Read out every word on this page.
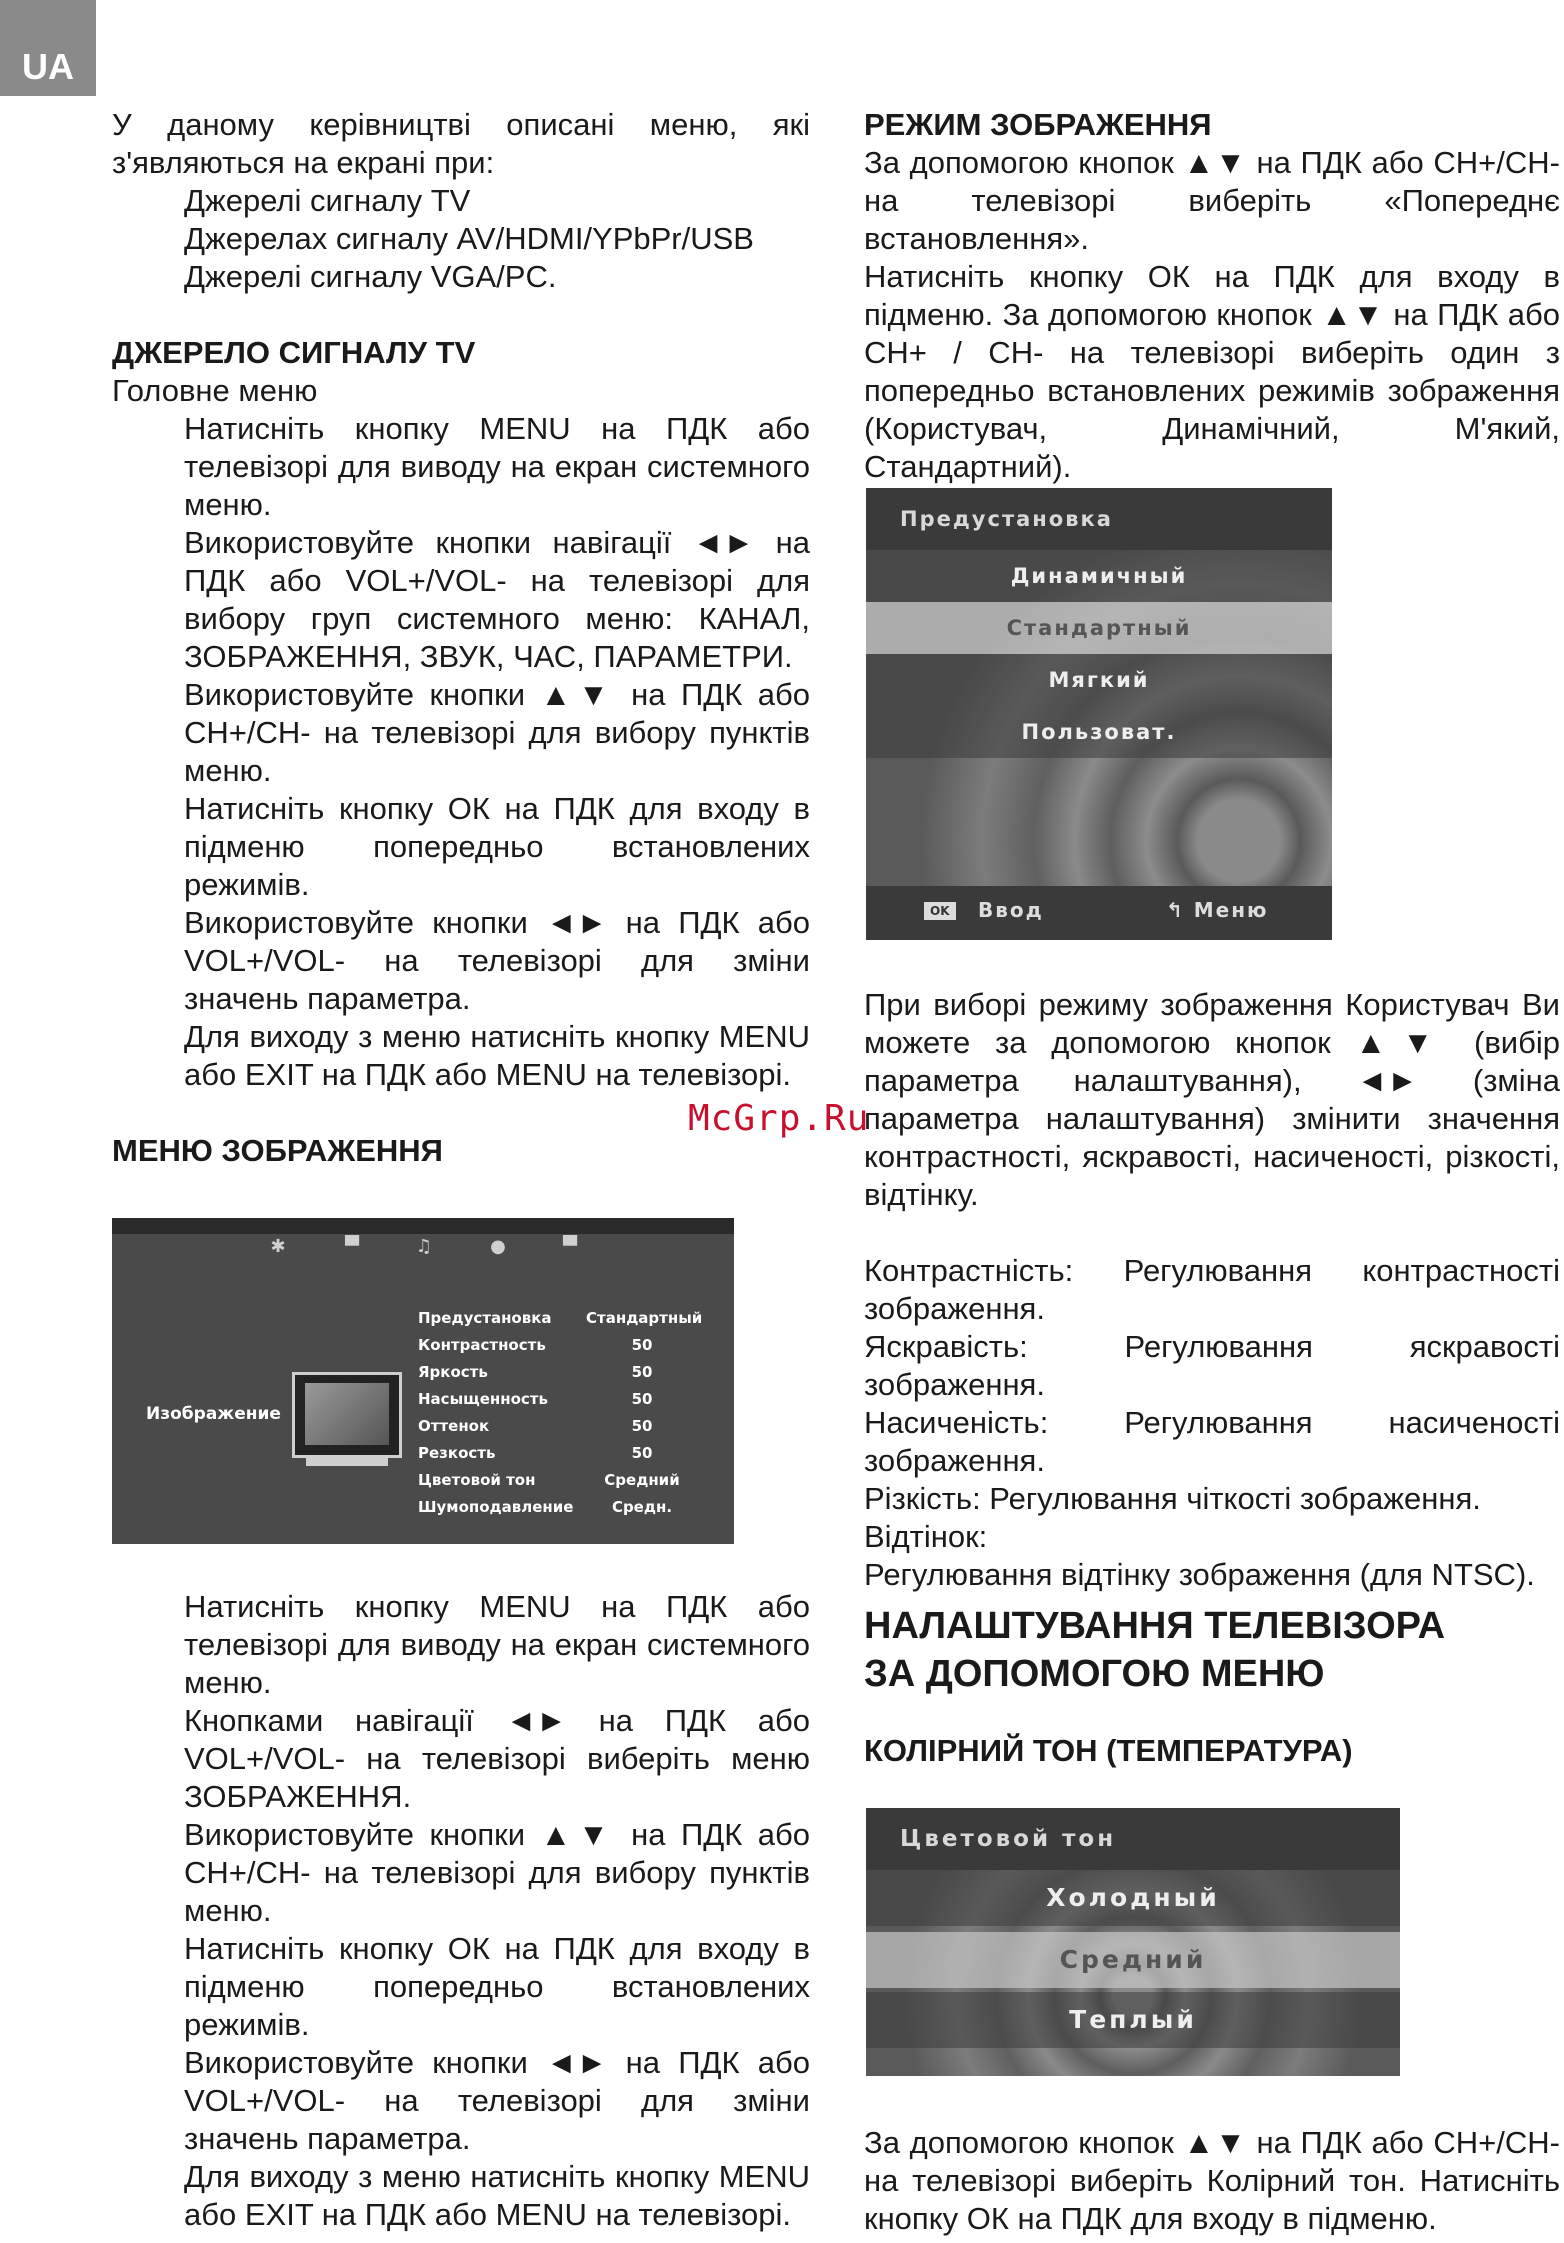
UA

У даному керівництві описані меню, які з'являються на екрані при:

Джерелі сигналу TV
Джерелах сигналу AV/HDMI/YPbPr/USB
Джерелі сигналу VGA/PC.

ДЖЕРЕЛО СИГНАЛУ TV

Головне меню

Натисніть кнопку MENU на ПДК або телевізорі для виводу на екран системного меню.

Використовуйте кнопки навігації ◄► на ПДК або VOL+/VOL- на телевізорі для вибору груп системного меню: КАНАЛ, ЗОБРАЖЕННЯ, ЗВУК, ЧАС, ПАРАМЕТРИ.

Використовуйте кнопки ▲▼ на ПДК або CH+/CH- на телевізорі для вибору пунктів меню.

Натисніть кнопку ОК на ПДК для входу в підменю попередньо встановлених режимів.

Використовуйте кнопки ◄► на ПДК або VOL+/VOL- на телевізорі для зміни значень параметра.

Для виходу з меню натисніть кнопку MENU або EXIT на ПДК або MENU на телевізорі.

МЕНЮ ЗОБРАЖЕННЯ

Натисніть кнопку MENU на ПДК або телевізорі для виводу на екран системного меню.

Кнопками навігації ◄► на ПДК або VOL+/VOL- на телевізорі виберіть меню ЗОБРАЖЕННЯ.

Використовуйте кнопки ▲▼ на ПДК або CH+/CH- на телевізорі для вибору пунктів меню.

Натисніть кнопку ОК на ПДК для входу в підменю попередньо встановлених режимів.

Використовуйте кнопки ◄► на ПДК або VOL+/VOL- на телевізорі для зміни значень параметра.

Для виходу з меню натисніть кнопку MENU або EXIT на ПДК або MENU на телевізорі.

✱	▀	♫	●	▀
Изображение
Предустановка	Стандартный
Контрастность	50
Яркость	50
Насыщенность	50
Оттенок	50
Резкость	50
Цветовой тон	Средний
Шумоподавление	Средн.

РЕЖИМ ЗОБРАЖЕННЯ

За допомогою кнопок ▲▼ на ПДК або CH+/CH- на телевізорі виберіть «Попереднє встановлення».

Натисніть кнопку ОК на ПДК для входу в підменю. За допомогою кнопок ▲▼ на ПДК або CH+ / CH- на телевізорі виберіть один з попередньо встановлених режимів зображення (Користувач, Динамічний, М'який, Стандартний).

Предустановка
Динамичный
Стандартный
Мягкий
Пользоват.
OK	Ввод	↰ Меню

При виборі режиму зображення Користувач Ви можете за допомогою кнопок ▲▼ (вибір параметра налаштування), ◄► (зміна параметра налаштування) змінити значення контрастності, яскравості, насиченості, різкості, відтінку.

Контрастність: Регулювання контрастності зображення.

Яскравість: Регулювання яскравості зображення.

Насиченість: Регулювання насиченості зображення.

Різкість: Регулювання чіткості зображення.

Відтінок:

Регулювання відтінку зображення (для NTSC).

НАЛАШТУВАННЯ ТЕЛЕВІЗОРА

ЗА ДОПОМОГОЮ МЕНЮ

КОЛІРНИЙ ТОН (ТЕМПЕРАТУРА)

Цветовой тон
Холодный
Средний
Теплый

За допомогою кнопок ▲▼ на ПДК або CH+/CH- на телевізорі виберіть Колірний тон. Натисніть кнопку ОК на ПДК для входу в підменю.

McGrp.Ru
